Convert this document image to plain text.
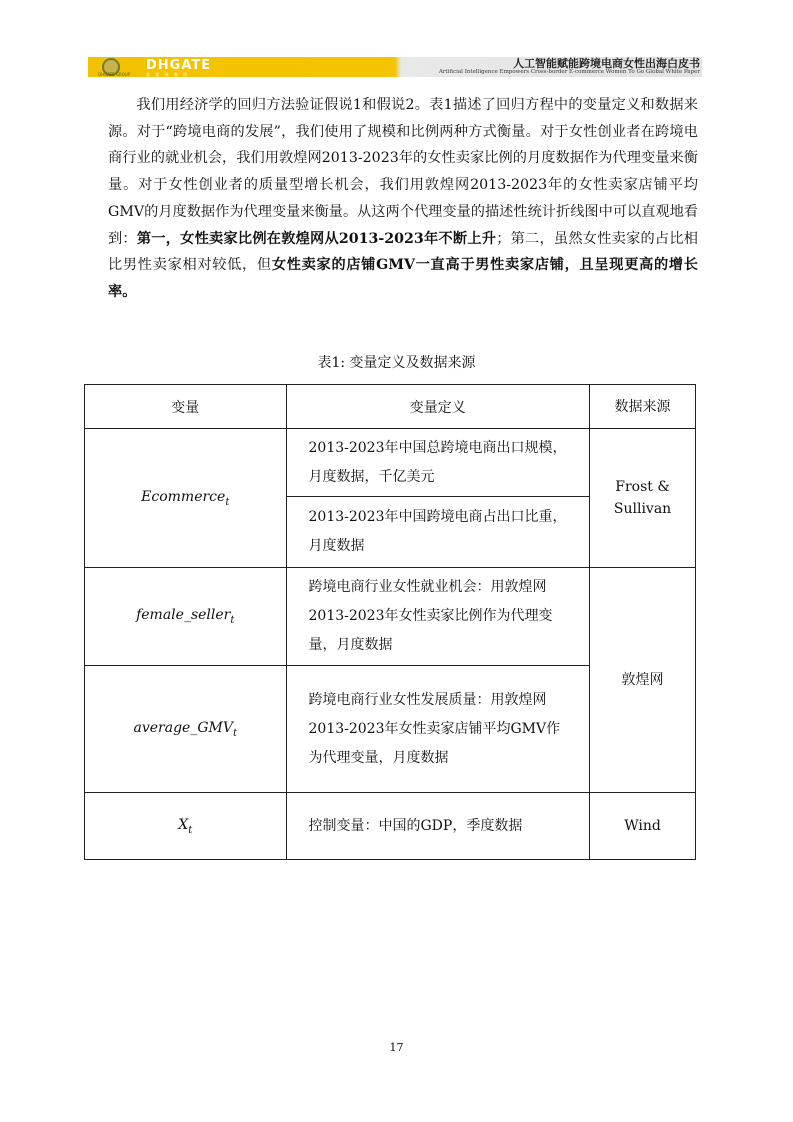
DHGATE
DHGATE GROUP	敦 煌 网 集 团
人工智能赋能跨境电商女性出海白皮书
Artificial Intelligence Empowers Cross-border E-commerce Women To Go Global White Paper

我们用经济学的回归方法验证假说1和假说2。表1描述了回归方程中的变量定义和数据来源。对于“跨境电商的发展”，我们使用了规模和比例两种方式衡量。对于女性创业者在跨境电商行业的就业机会，我们用敦煌网2013-2023年的女性卖家比例的月度数据作为代理变量来衡量。对于女性创业者的质量型增长机会，我们用敦煌网2013-2023年的女性卖家店铺平均GMV的月度数据作为代理变量来衡量。从这两个代理变量的描述性统计折线图中可以直观地看到：第一，女性卖家比例在敦煌网从2013-2023年不断上升；第二，虽然女性卖家的占比相比男性卖家相对较低，但女性卖家的店铺GMV一直高于男性卖家店铺，且呈现更高的增长率。

表1: 变量定义及数据来源
变量	变量定义	数据来源
Ecommerce$_t$	2013-2023年中国总跨境电商出口规模，月度数据，千亿美元	Frost & Sullivan
	2013-2023年中国跨境电商占出口比重，月度数据	
female_seller$_t$	跨境电商行业女性就业机会：用敦煌网2013-2023年女性卖家比例作为代理变量，月度数据	敦煌网
$average\_GMV_t$	跨境电商行业女性发展质量：用敦煌网2013-2023年女性卖家店铺平均GMV作为代理变量，月度数据	
$X_t$	控制变量：中国的GDP，季度数据	Wind
17
